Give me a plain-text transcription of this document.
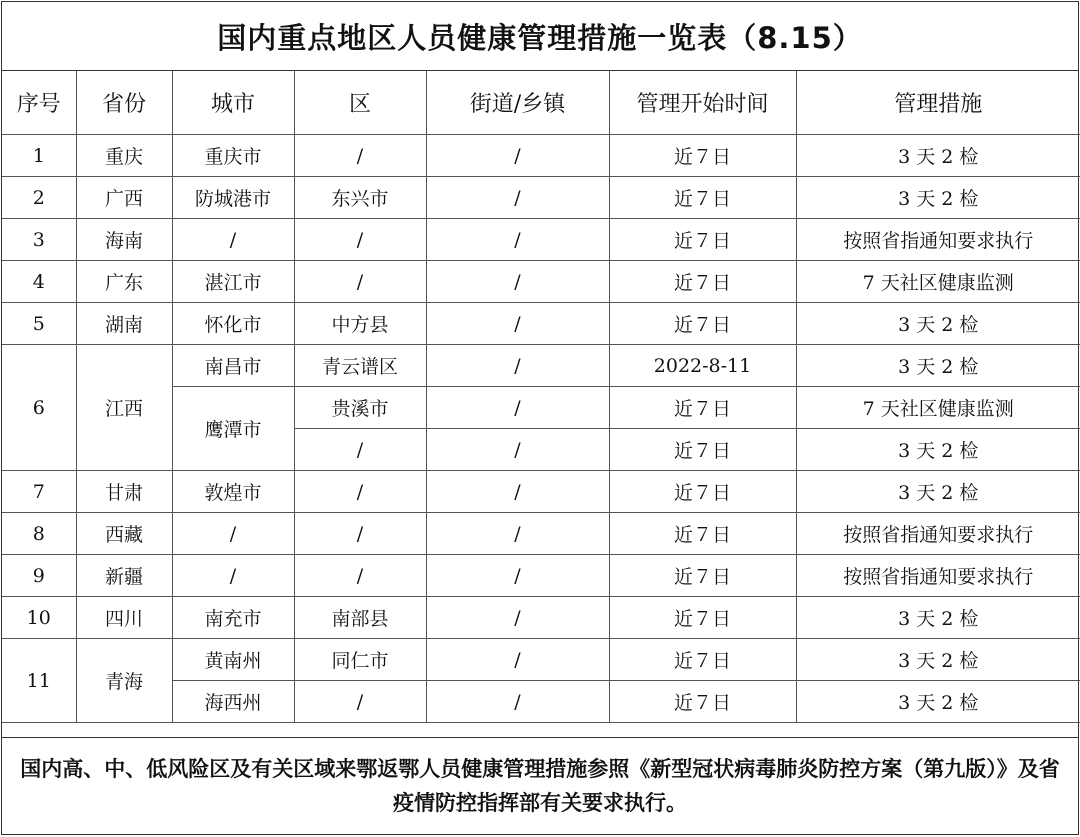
国内重点地区人员健康管理措施一览表（8.15）
序号	省份	城市	区	街道/乡镇	管理开始时间	管理措施
1	重庆	重庆市	/	/	近７日	3 天 2 检
2	广西	防城港市	东兴市	/	近７日	3 天 2 检
3	海南	/	/	/	近７日	按照省指通知要求执行
4	广东	湛江市	/	/	近７日	7 天社区健康监测
5	湖南	怀化市	中方县	/	近７日	3 天 2 检
6	江西	南昌市	青云谱区	/	2022-8-11	3 天 2 检
		鹰潭市	贵溪市	/	近７日	7 天社区健康监测
			/	/	近７日	3 天 2 检
7	甘肃	敦煌市	/	/	近７日	3 天 2 检
8	西藏	/	/	/	近７日	按照省指通知要求执行
9	新疆	/	/	/	近７日	按照省指通知要求执行
10	四川	南充市	南部县	/	近７日	3 天 2 检
11	青海	黄南州	同仁市	/	近７日	3 天 2 检
		海西州	/	/	近７日	3 天 2 检
国内高、中、低风险区及有关区域来鄂返鄂人员健康管理措施参照《新型冠状病毒肺炎防控方案（第九版）》及省疫情防控指挥部有关要求执行。
